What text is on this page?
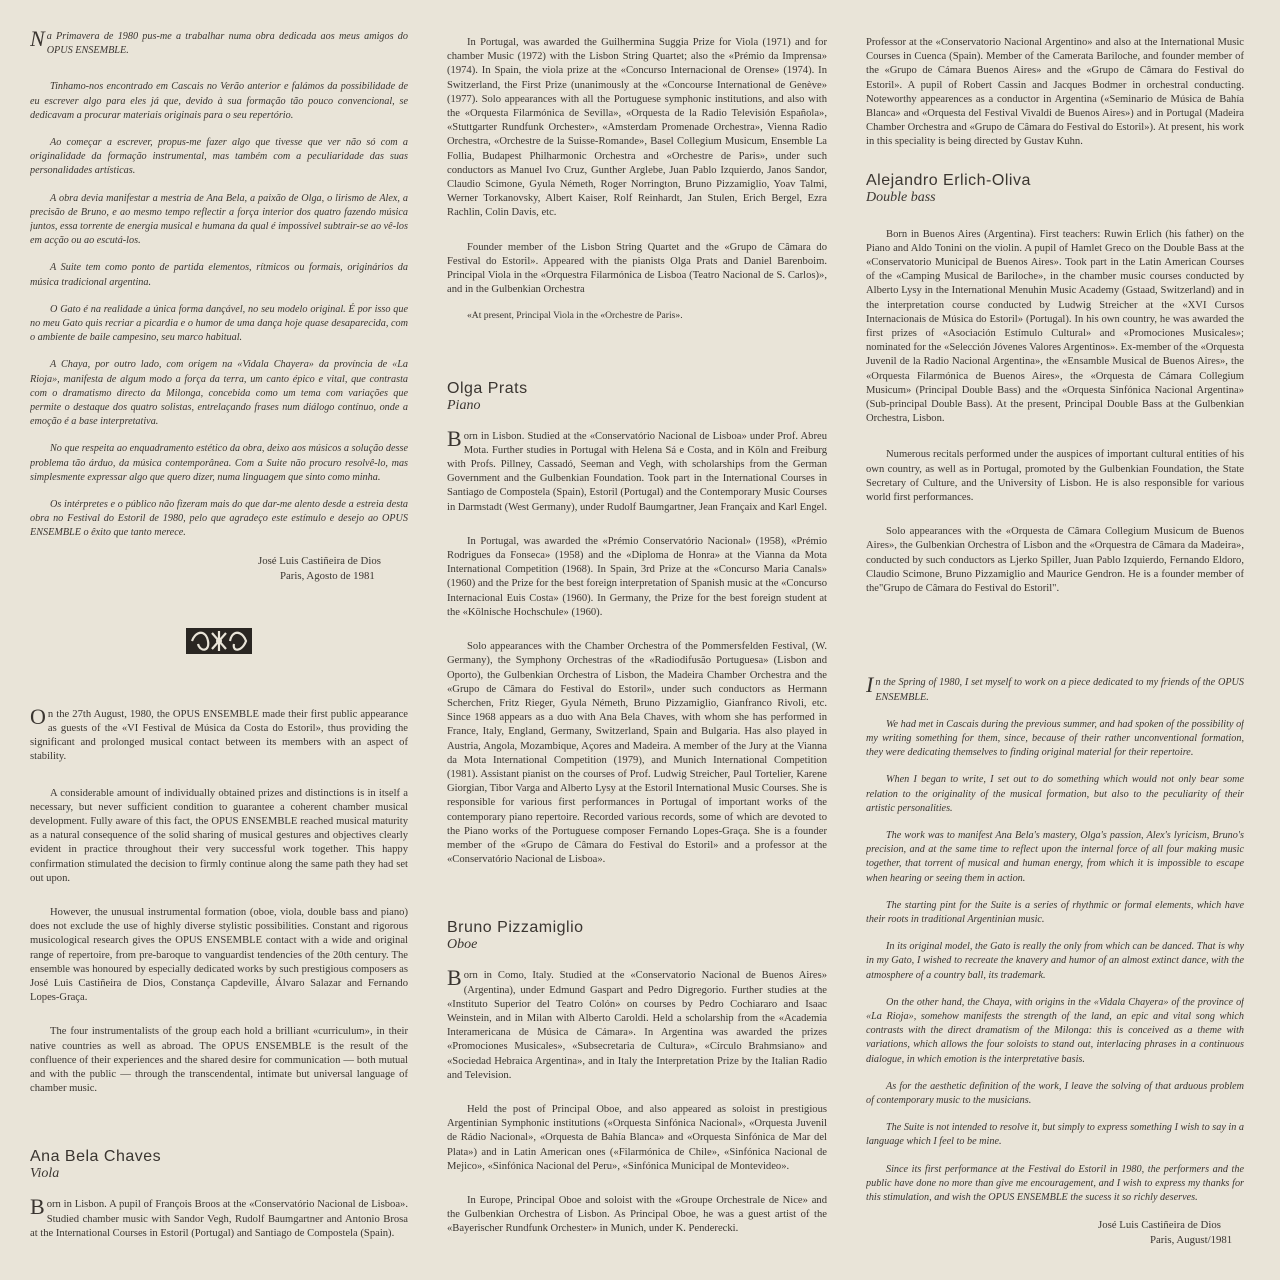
Na Primavera de 1980 pus-me a trabalhar numa obra dedicada aos meus amigos do OPUS ENSEMBLE.

Tinhamo-nos encontrado em Cascais no Verão anterior e falámos da possibilidade de eu escrever algo para eles já que, devido à sua formação tão pouco convencional, se dedicavam a procurar materiais originais para o seu repertório.

Ao começar a escrever, propus-me fazer algo que tivesse que ver não só com a originalidade da formação instrumental, mas também com a peculiaridade das suas personalidades artísticas.

A obra devia manifestar a mestria de Ana Bela, a paixão de Olga, o lirismo de Alex, a precisão de Bruno, e ao mesmo tempo reflectir a força interior dos quatro fazendo música juntos, essa torrente de energia musical e humana da qual é impossível subtrair-se ao vê-los em acção ou ao escutá-los.

A Suite tem como ponto de partida elementos, rítmicos ou formais, originários da música tradicional argentina.

O Gato é na realidade a única forma dançável, no seu modelo original. É por isso que no meu Gato quis recriar a picardia e o humor de uma dança hoje quase desaparecida, com o ambiente de baile campesino, seu marco habitual.

A Chaya, por outro lado, com origem na «Vidala Chayera» da província de «La Rioja», manifesta de algum modo a força da terra, um canto épico e vital, que contrasta com o dramatismo directo da Milonga, concebida como um tema com variações que permite o destaque dos quatro solistas, entrelaçando frases num diálogo contínuo, onde a emoção é a base interpretativa.

No que respeita ao enquadramento estético da obra, deixo aos músicos a solução desse problema tão árduo, da música contemporânea. Com a Suite não procuro resolvê-lo, mas simplesmente expressar algo que quero dizer, numa linguagem que sinto como minha.

Os intérpretes e o público não fizeram mais do que dar-me alento desde a estreia desta obra no Festival do Estoril de 1980, pelo que agradeço este estímulo e desejo ao OPUS ENSEMBLE o êxito que tanto merece.

José Luis Castiñeira de Dios
Paris, Agosto de 1981

On the 27th August, 1980, the OPUS ENSEMBLE made their first public appearance as guests of the «VI Festival de Música da Costa do Estoril», thus providing the significant and prolonged musical contact between its members with an aspect of stability.

A considerable amount of individually obtained prizes and distinctions is in itself a necessary, but never sufficient condition to guarantee a coherent chamber musical development. Fully aware of this fact, the OPUS ENSEMBLE reached musical maturity as a natural consequence of the solid sharing of musical gestures and objectives clearly evident in practice throughout their very successful work together. This happy confirmation stimulated the decision to firmly continue along the same path they had set out upon.

However, the unusual instrumental formation (oboe, viola, double bass and piano) does not exclude the use of highly diverse stylistic possibilities. Constant and rigorous musicological research gives the OPUS ENSEMBLE contact with a wide and original range of repertoire, from pre-baroque to vanguardist tendencies of the 20th century. The ensemble was honoured by especially dedicated works by such prestigious composers as José Luis Castiñeira de Dios, Constança Capdeville, Álvaro Salazar and Fernando Lopes-Graça.

The four instrumentalists of the group each hold a brilliant «curriculum», in their native countries as well as abroad. The OPUS ENSEMBLE is the result of the confluence of their experiences and the shared desire for communication — both mutual and with the public — through the transcendental, intimate but universal language of chamber music.

Ana Bela Chaves
Viola

Born in Lisbon. A pupil of François Broos at the «Conservatório Nacional de Lisboa». Studied chamber music with Sandor Vegh, Rudolf Baumgartner and Antonio Brosa at the International Courses in Estoril (Portugal) and Santiago de Compostela (Spain).

In Portugal, was awarded the Guilhermina Suggia Prize for Viola (1971) and for chamber Music (1972) with the Lisbon String Quartet; also the «Prémio da Imprensa» (1974). In Spain, the viola prize at the «Concurso Internacional de Orense» (1974). In Switzerland, the First Prize (unanimously at the «Concourse International de Genève» (1977). Solo appearances with all the Portuguese symphonic institutions, and also with the «Orquesta Filarmónica de Sevilla», «Orquesta de la Radio Televisión Española», «Stuttgarter Rundfunk Orchester», «Amsterdam Promenade Orchestra», Vienna Radio Orchestra, «Orchestre de la Suisse-Romande», Basel Collegium Musicum, Ensemble La Follia, Budapest Philharmonic Orchestra and «Orchestre de Paris», under such conductors as Manuel Ivo Cruz, Gunther Arglebe, Juan Pablo Izquierdo, Janos Sandor, Claudio Scimone, Gyula Németh, Roger Norrington, Bruno Pizzamiglio, Yoav Talmi, Werner Torkanovsky, Albert Kaiser, Rolf Reinhardt, Jan Stulen, Erich Bergel, Ezra Rachlin, Colin Davis, etc.

Founder member of the Lisbon String Quartet and the «Grupo de Câmara do Festival do Estoril». Appeared with the pianists Olga Prats and Daniel Barenboim. Principal Viola in the «Orquestra Filarmónica de Lisboa (Teatro Nacional de S. Carlos)», and in the Gulbenkian Orchestra

«At present, Principal Viola in the «Orchestre de Paris».

Olga Prats
Piano

Born in Lisbon. Studied at the «Conservatório Nacional de Lisboa» under Prof. Abreu Mota. Further studies in Portugal with Helena Sá e Costa, and in Köln and Freiburg with Profs. Pillney, Cassadó, Seeman and Vegh, with scholarships from the German Government and the Gulbenkian Foundation. Took part in the International Courses in Santiago de Compostela (Spain), Estoril (Portugal) and the Contemporary Music Courses in Darmstadt (West Germany), under Rudolf Baumgartner, Jean Françaix and Karl Engel.

In Portugal, was awarded the «Prémio Conservatório Nacional» (1958), «Prémio Rodrigues da Fonseca» (1958) and the «Diploma de Honra» at the Vianna da Mota International Competition (1968). In Spain, 3rd Prize at the «Concurso Maria Canals» (1960) and the Prize for the best foreign interpretation of Spanish music at the «Concurso Internacional Euis Costa» (1960). In Germany, the Prize for the best foreign student at the «Kölnische Hochschule» (1960).

Solo appearances with the Chamber Orchestra of the Pommersfelden Festival, (W. Germany), the Symphony Orchestras of the «Radiodifusão Portuguesa» (Lisbon and Oporto), the Gulbenkian Orchestra of Lisbon, the Madeira Chamber Orchestra and the «Grupo de Câmara do Festival do Estoril», under such conductors as Hermann Scherchen, Fritz Rieger, Gyula Németh, Bruno Pizzamiglio, Gianfranco Rivoli, etc. Since 1968 appears as a duo with Ana Bela Chaves, with whom she has performed in France, Italy, England, Germany, Switzerland, Spain and Bulgaria. Has also played in Austria, Angola, Mozambique, Açores and Madeira. A member of the Jury at the Vianna da Mota International Competition (1979), and Munich International Competition (1981). Assistant pianist on the courses of Prof. Ludwig Streicher, Paul Tortelier, Karene Giorgian, Tibor Varga and Alberto Lysy at the Estoril International Music Courses. She is responsible for various first performances in Portugal of important works of the contemporary piano repertoire. Recorded various records, some of which are devoted to the Piano works of the Portuguese composer Fernando Lopes-Graça. She is a founder member of the «Grupo de Câmara do Festival do Estoril» and a professor at the «Conservatório Nacional de Lisboa».

Bruno Pizzamiglio
Oboe

Born in Como, Italy. Studied at the «Conservatorio Nacional de Buenos Aires» (Argentina), under Edmund Gaspart and Pedro Digregorio. Further studies at the «Instituto Superior del Teatro Colón» on courses by Pedro Cochiararo and Isaac Weinstein, and in Milan with Alberto Caroldi. Held a scholarship from the «Academia Interamericana de Música de Cámara». In Argentina was awarded the prizes «Promociones Musicales», «Subsecretaria de Cultura», «Círculo Brahmsiano» and «Sociedad Hebraica Argentina», and in Italy the Interpretation Prize by the Italian Radio and Television.

Held the post of Principal Oboe, and also appeared as soloist in prestigious Argentinian Symphonic institutions («Orquesta Sinfónica Nacional», «Orquesta Juvenil de Rádio Nacional», «Orquesta de Bahía Blanca» and «Orquesta Sinfónica de Mar del Plata») and in Latin American ones («Filarmónica de Chile», «Sinfónica Nacional de Mejico», «Sinfónica Nacional del Peru», «Sinfónica Municipal de Montevideo».

In Europe, Principal Oboe and soloist with the «Groupe Orchestrale de Nice» and the Gulbenkian Orchestra of Lisbon. As Principal Oboe, he was a guest artist of the «Bayerischer Rundfunk Orchester» in Munich, under K. Penderecki.

Professor at the «Conservatorio Nacional Argentino» and also at the International Music Courses in Cuenca (Spain). Member of the Camerata Bariloche, and founder member of the «Grupo de Cámara Buenos Aires» and the «Grupo de Câmara do Festival do Estoril». A pupil of Robert Cassin and Jacques Bodmer in orchestral conducting. Noteworthy appearences as a conductor in Argentina («Seminario de Música de Bahía Blanca» and «Orquesta del Festival Vivaldi de Buenos Aires») and in Portugal (Madeira Chamber Orchestra and «Grupo de Câmara do Festival do Estoril»). At present, his work in this speciality is being directed by Gustav Kuhn.

Alejandro Erlich-Oliva
Double bass

Born in Buenos Aires (Argentina). First teachers: Ruwin Erlich (his father) on the Piano and Aldo Tonini on the violin. A pupil of Hamlet Greco on the Double Bass at the «Conservatorio Municipal de Buenos Aires». Took part in the Latin American Courses of the «Camping Musical de Bariloche», in the chamber music courses conducted by Alberto Lysy in the International Menuhin Music Academy (Gstaad, Switzerland) and in the interpretation course conducted by Ludwig Streicher at the «XVI Cursos Internacionais de Música do Estoril» (Portugal). In his own country, he was awarded the first prizes of «Asociación Estímulo Cultural» and «Promociones Musicales»; nominated for the «Selección Jóvenes Valores Argentinos». Ex-member of the «Orquesta Juvenil de la Radio Nacional Argentina», the «Ensamble Musical de Buenos Aires», the «Orquesta Filarmónica de Buenos Aires», the «Orquesta de Cámara Collegium Musicum» (Principal Double Bass) and the «Orquesta Sinfónica Nacional Argentina» (Sub-principal Double Bass). At the present, Principal Double Bass at the Gulbenkian Orchestra, Lisbon.

Numerous recitals performed under the auspices of important cultural entities of his own country, as well as in Portugal, promoted by the Gulbenkian Foundation, the State Secretary of Culture, and the University of Lisbon. He is also responsible for various world first performances.

Solo appearances with the «Orquesta de Câmara Collegium Musicum de Buenos Aires», the Gulbenkian Orchestra of Lisbon and the «Orquestra de Câmara da Madeira», conducted by such conductors as Ljerko Spiller, Juan Pablo Izquierdo, Fernando Eldoro, Claudio Scimone, Bruno Pizzamiglio and Maurice Gendron. He is a founder member of the"Grupo de Câmara do Festival do Estoril".

In the Spring of 1980, I set myself to work on a piece dedicated to my friends of the OPUS ENSEMBLE.

We had met in Cascais during the previous summer, and had spoken of the possibility of my writing something for them, since, because of their rather unconventional formation, they were dedicating themselves to finding original material for their repertoire.

When I began to write, I set out to do something which would not only bear some relation to the originality of the musical formation, but also to the peculiarity of their artistic personalities.

The work was to manifest Ana Bela's mastery, Olga's passion, Alex's lyricism, Bruno's precision, and at the same time to reflect upon the internal force of all four making music together, that torrent of musical and human energy, from which it is impossible to escape when hearing or seeing them in action.

The starting pint for the Suite is a series of rhythmic or formal elements, which have their roots in traditional Argentinian music.

In its original model, the Gato is really the only from which can be danced. That is why in my Gato, I wished to recreate the knavery and humor of an almost extinct dance, with the atmosphere of a country ball, its trademark.

On the other hand, the Chaya, with origins in the «Vidala Chayera» of the province of «La Rioja», somehow manifests the strength of the land, an epic and vital song which contrasts with the direct dramatism of the Milonga: this is conceived as a theme with variations, which allows the four soloists to stand out, interlacing phrases in a continuous dialogue, in which emotion is the interpretative basis.

As for the aesthetic definition of the work, I leave the solving of that arduous problem of contemporary music to the musicians.

The Suite is not intended to resolve it, but simply to express something I wish to say in a language which I feel to be mine.

Since its first performance at the Festival do Estoril in 1980, the performers and the public have done no more than give me encouragement, and I wish to express my thanks for this stimulation, and wish the OPUS ENSEMBLE the sucess it so richly deserves.

José Luis Castiñeira de Dios
Paris, August/1981
